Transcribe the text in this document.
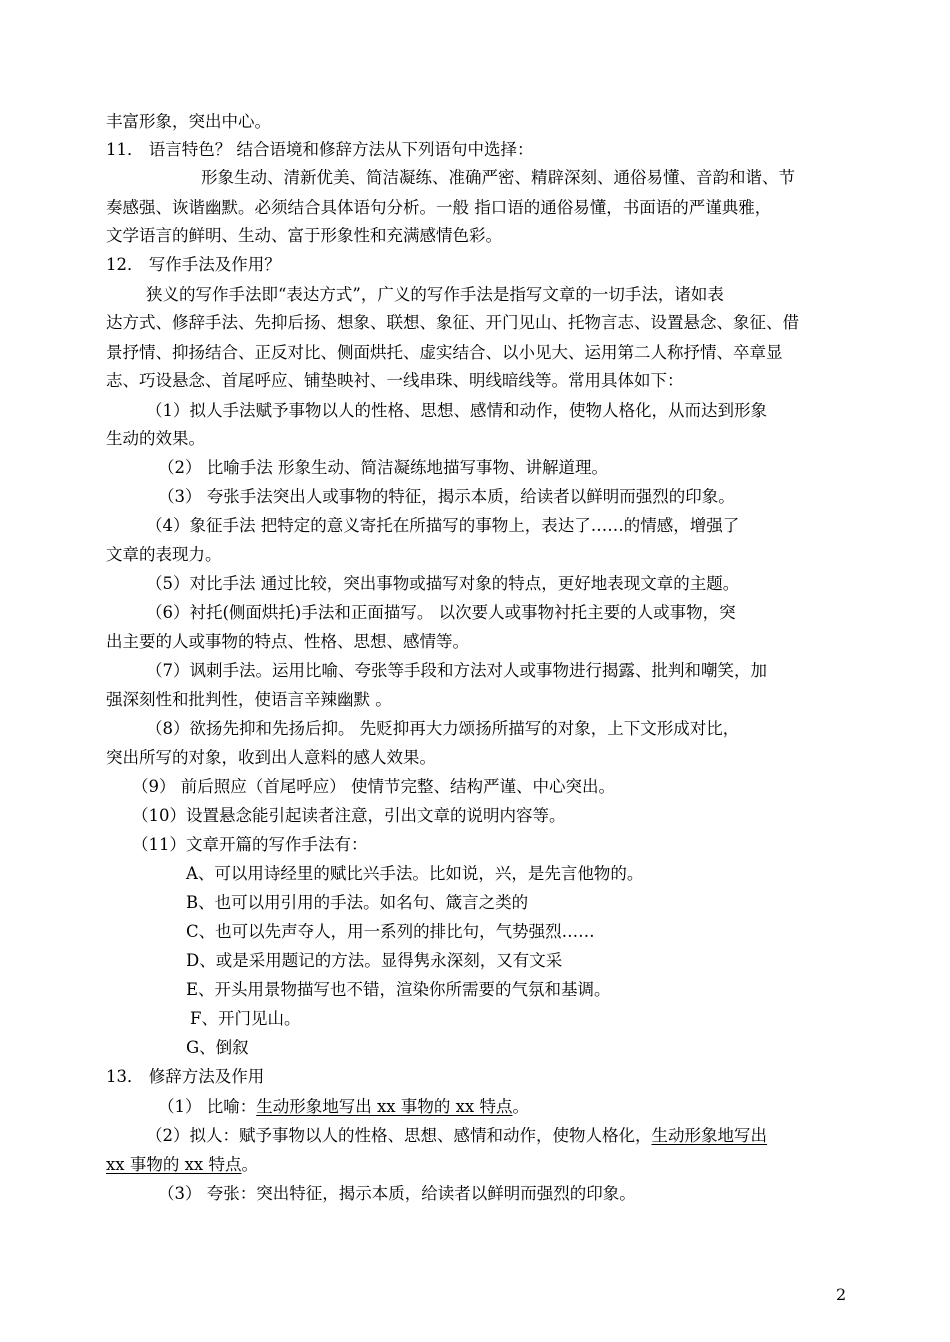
丰富形象，突出中心。
11． 语言特色？ 结合语境和修辞方法从下列语句中选择：
形象生动、清新优美、简洁凝练、准确严密、精辟深刻、通俗易懂、音韵和谐、节
奏感强、诙谐幽默。必须结合具体语句分析。一般 指口语的通俗易懂，书面语的严谨典雅，
文学语言的鲜明、生动、富于形象性和充满感情色彩。
12． 写作手法及作用？
狭义的写作手法即“表达方式”，广义的写作手法是指写文章的一切手法，诸如表
达方式、修辞手法、先抑后扬、想象、联想、象征、开门见山、托物言志、设置悬念、象征、借
景抒情、抑扬结合、正反对比、侧面烘托、虚实结合、以小见大、运用第二人称抒情、卒章显
志、巧设悬念、首尾呼应、铺垫映衬、一线串珠、明线暗线等。常用具体如下：
（1）拟人手法赋予事物以人的性格、思想、感情和动作，使物人格化，从而达到形象
生动的效果。
（2） 比喻手法 形象生动、简洁凝练地描写事物、讲解道理。
（3） 夸张手法突出人或事物的特征，揭示本质，给读者以鲜明而强烈的印象。
（4）象征手法 把特定的意义寄托在所描写的事物上，表达了……的情感，增强了
文章的表现力。
（5）对比手法 通过比较，突出事物或描写对象的特点，更好地表现文章的主题。
（6）衬托(侧面烘托)手法和正面描写。 以次要人或事物衬托主要的人或事物，突
出主要的人或事物的特点、性格、思想、感情等。
（7）讽刺手法。运用比喻、夸张等手段和方法对人或事物进行揭露、批判和嘲笑，加
强深刻性和批判性，使语言辛辣幽默 。
（8）欲扬先抑和先扬后抑。 先贬抑再大力颂扬所描写的对象，上下文形成对比，
突出所写的对象，收到出人意料的感人效果。
（9） 前后照应（首尾呼应） 使情节完整、结构严谨、中心突出。
（10）设置悬念能引起读者注意，引出文章的说明内容等。
（11）文章开篇的写作手法有：
A、可以用诗经里的赋比兴手法。比如说，兴，是先言他物的。
B、也可以用引用的手法。如名句、箴言之类的
C、也可以先声夺人，用一系列的排比句，气势强烈……
D、或是采用题记的方法。显得隽永深刻，又有文采
E、开头用景物描写也不错，渲染你所需要的气氛和基调。
F、开门见山。
G、倒叙
13． 修辞方法及作用
（1） 比喻：生动形象地写出 xx 事物的 xx 特点。
（2）拟人：赋予事物以人的性格、思想、感情和动作，使物人格化，生动形象地写出
xx 事物的 xx 特点。
（3） 夸张：突出特征，揭示本质，给读者以鲜明而强烈的印象。
2
